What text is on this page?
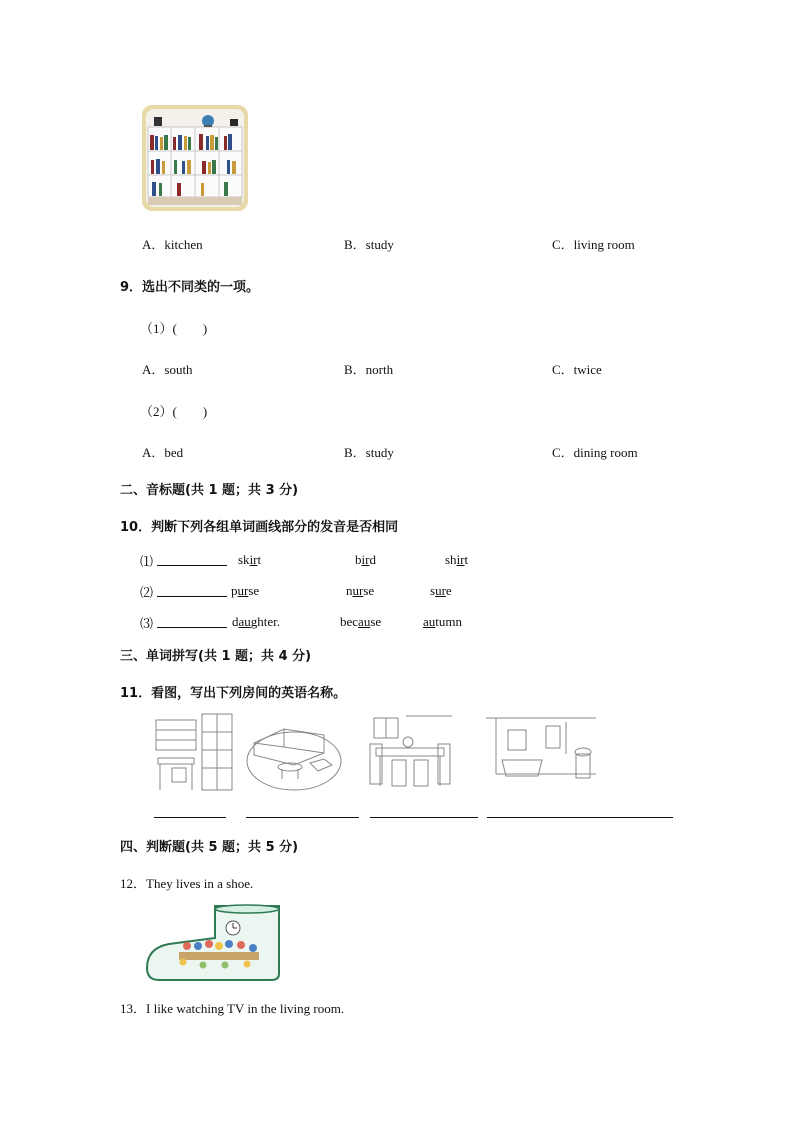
A．kitchen	B．study	C．living room
9．选出不同类的一项。
（1）(　　)
A．south	B．north	C．twice
（2）(　　)
A．bed	B．study	C．dining room
二、音标题(共 1 题；共 3 分)
10．判断下列各组单词画线部分的发音是否相同
⑴	skirt	bird	shirt
⑵	purse	nurse	sure
⑶	daughter.	because	autumn
三、单词拼写(共 1 题；共 4 分)
11．看图，写出下列房间的英语名称。
四、判断题(共 5 题；共 5 分)
12．They lives in a shoe.
13．I like watching TV in the living room.
